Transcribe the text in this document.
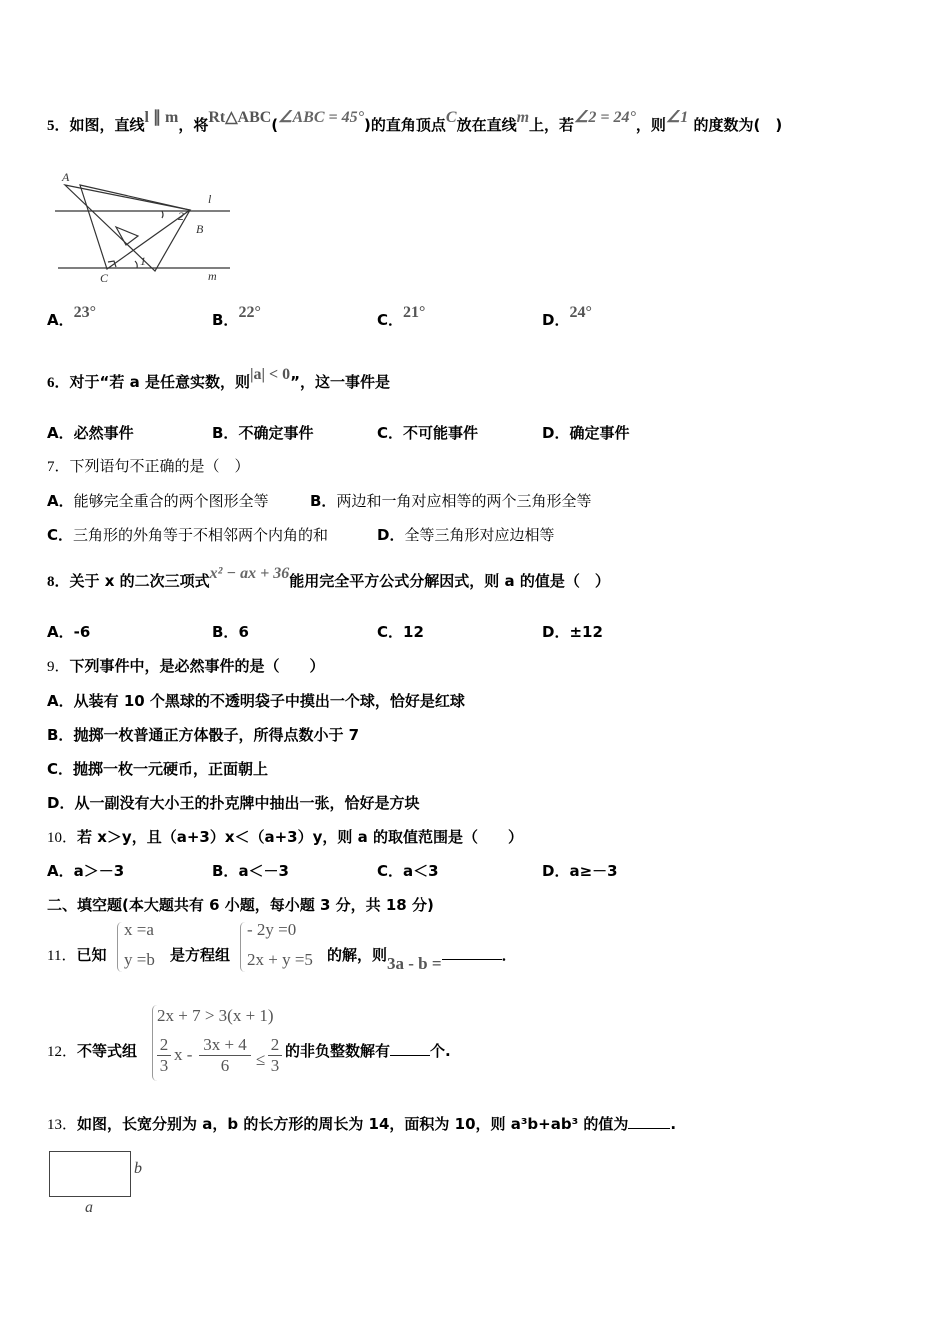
5．如图，直线l ∥ m，将Rt△ABC(∠ABC = 45°)的直角顶点C放在直线m上，若∠2 = 24°，则∠1 的度数为(　)
A
B
C
l
m
1
2
A．23°	B．22°	C．21°	D．24°
6．对于“若 a 是任意实数，则|a| < 0”，这一事件是
A．必然事件	B．不确定事件	C．不可能事件	D．确定事件
7．下列语句不正确的是（　）
A．能够完全重合的两个图形全等	B．两边和一角对应相等的两个三角形全等
C．三角形的外角等于不相邻两个内角的和	D．全等三角形对应边相等
8．关于 x 的二次三项式x² − ax + 36能用完全平方公式分解因式，则 a 的值是（　）
A．-6	B．6	C．12	D．±12
9．下列事件中，是必然事件的是（　　）
A．从装有 10 个黑球的不透明袋子中摸出一个球，恰好是红球
B．抛掷一枚普通正方体骰子，所得点数小于 7
C．抛掷一枚一元硬币，正面朝上
D．从一副没有大小王的扑克牌中抽出一张，恰好是方块
10．若 x＞y，且（a+3）x＜（a+3）y，则 a 的取值范围是（　　）
A．a＞－3	B．a＜－3	C．a＜3	D．a≥－3
二、填空题(本大题共有 6 小题，每小题 3 分，共 18 分)
11．已知
x =a
y =b 是方程组
- 2y =0
2x + y =5 的解，则3a - b =	．
12．不等式组
2x + 7 > 3(x + 1)
$\frac{2}{3}$ $x - \frac{3x + 4}{6} \le \frac{2}{3}$ 的非负整数解有	个.
13．如图，长宽分别为 a，b 的长方形的周长为 14，面积为 10，则 a³b+ab³ 的值为	.
b
a
